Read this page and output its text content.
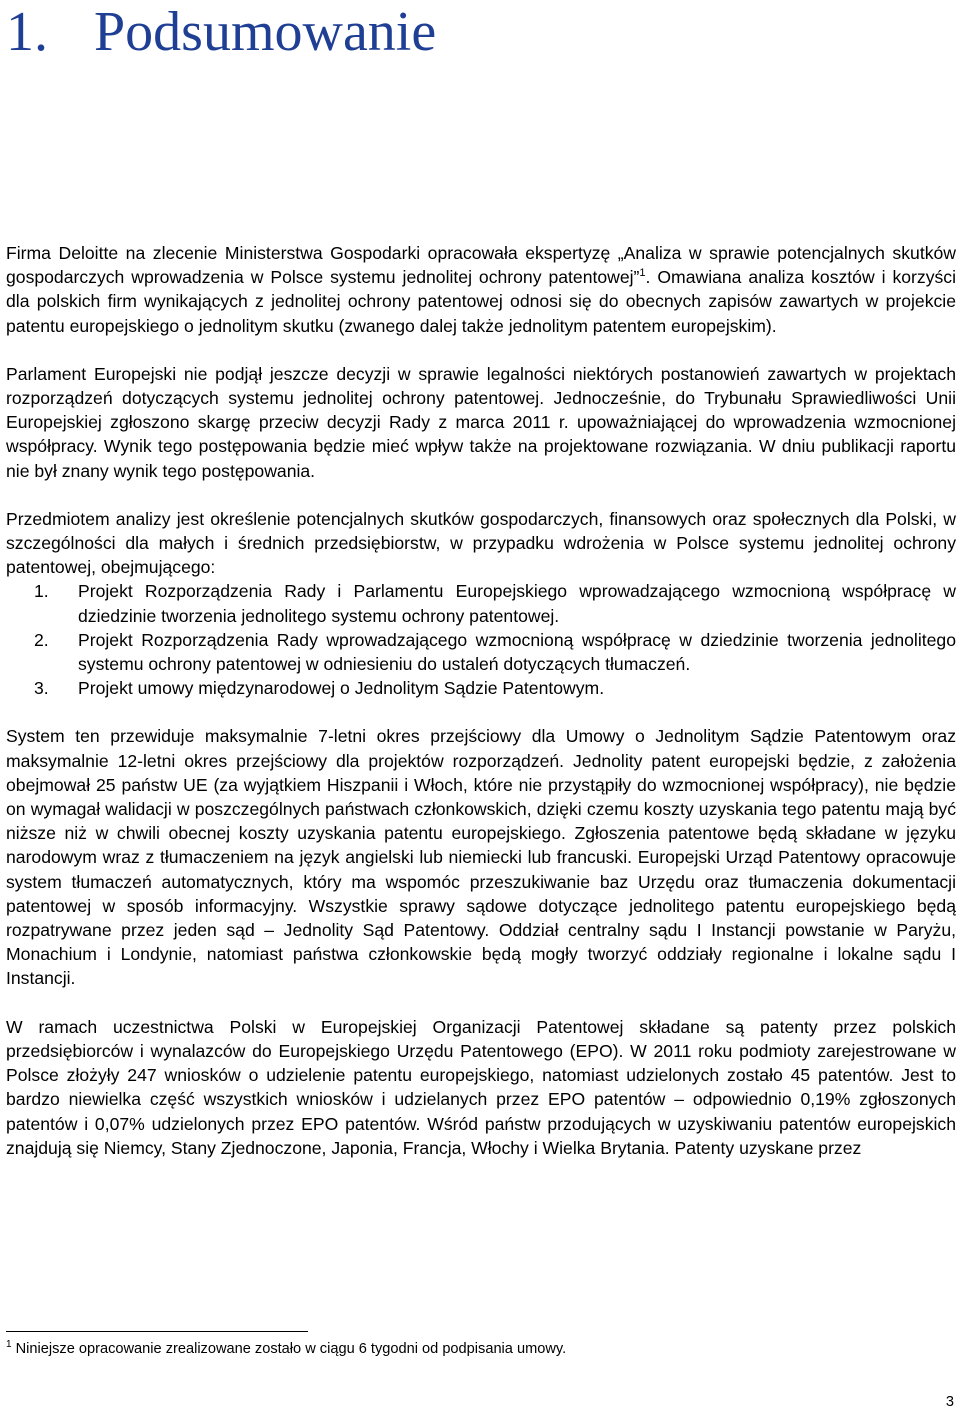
1. Podsumowanie

Firma Deloitte na zlecenie Ministerstwa Gospodarki opracowała ekspertyzę „Analiza w sprawie potencjalnych skutków gospodarczych wprowadzenia w Polsce systemu jednolitej ochrony patentowej”$^1$. Omawiana analiza kosztów i korzyści dla polskich firm wynikających z jednolitej ochrony patentowej odnosi się do obecnych zapisów zawartych w projekcie patentu europejskiego o jednolitym skutku (zwanego dalej także jednolitym patentem europejskim).

Parlament Europejski nie podjął jeszcze decyzji w sprawie legalności niektórych postanowień zawartych w projektach rozporządzeń dotyczących systemu jednolitej ochrony patentowej. Jednocześnie, do Trybunału Sprawiedliwości Unii Europejskiej zgłoszono skargę przeciw decyzji Rady z marca 2011 r. upoważniającej do wprowadzenia wzmocnionej współpracy. Wynik tego postępowania będzie mieć wpływ także na projektowane rozwiązania. W dniu publikacji raportu nie był znany wynik tego postępowania.

Przedmiotem analizy jest określenie potencjalnych skutków gospodarczych, finansowych oraz społecznych dla Polski, w szczególności dla małych i średnich przedsiębiorstw, w przypadku wdrożenia w Polsce systemu jednolitej ochrony patentowej, obejmującego:

1. Projekt Rozporządzenia Rady i Parlamentu Europejskiego wprowadzającego wzmocnioną współpracę w dziedzinie tworzenia jednolitego systemu ochrony patentowej.
2. Projekt Rozporządzenia Rady wprowadzającego wzmocnioną współpracę w dziedzinie tworzenia jednolitego systemu ochrony patentowej w odniesieniu do ustaleń dotyczących tłumaczeń.
3. Projekt umowy międzynarodowej o Jednolitym Sądzie Patentowym.

System ten przewiduje maksymalnie 7-letni okres przejściowy dla Umowy o Jednolitym Sądzie Patentowym oraz maksymalnie 12-letni okres przejściowy dla projektów rozporządzeń. Jednolity patent europejski będzie, z założenia obejmował 25 państw UE (za wyjątkiem Hiszpanii i Włoch, które nie przystąpiły do wzmocnionej współpracy), nie będzie on wymagał walidacji w poszczególnych państwach członkowskich, dzięki czemu koszty uzyskania tego patentu mają być niższe niż w chwili obecnej koszty uzyskania patentu europejskiego. Zgłoszenia patentowe będą składane w języku narodowym wraz z tłumaczeniem na język angielski lub niemiecki lub francuski. Europejski Urząd Patentowy opracowuje system tłumaczeń automatycznych, który ma wspomóc przeszukiwanie baz Urzędu oraz tłumaczenia dokumentacji patentowej w sposób informacyjny. Wszystkie sprawy sądowe dotyczące jednolitego patentu europejskiego będą rozpatrywane przez jeden sąd – Jednolity Sąd Patentowy. Oddział centralny sądu I Instancji powstanie w Paryżu, Monachium i Londynie, natomiast państwa członkowskie będą mogły tworzyć oddziały regionalne i lokalne sądu I Instancji.

W ramach uczestnictwa Polski w Europejskiej Organizacji Patentowej składane są patenty przez polskich przedsiębiorców i wynalazców do Europejskiego Urzędu Patentowego (EPO). W 2011 roku podmioty zarejestrowane w Polsce złożyły 247 wniosków o udzielenie patentu europejskiego, natomiast udzielonych zostało 45 patentów. Jest to bardzo niewielka część wszystkich wniosków i udzielanych przez EPO patentów – odpowiednio 0,19% zgłoszonych patentów i 0,07% udzielonych przez EPO patentów. Wśród państw przodujących w uzyskiwaniu patentów europejskich znajdują się Niemcy, Stany Zjednoczone, Japonia, Francja, Włochy i Wielka Brytania. Patenty uzyskane przez

$^1$ Niniejsze opracowanie zrealizowane zostało w ciągu 6 tygodni od podpisania umowy.
3
